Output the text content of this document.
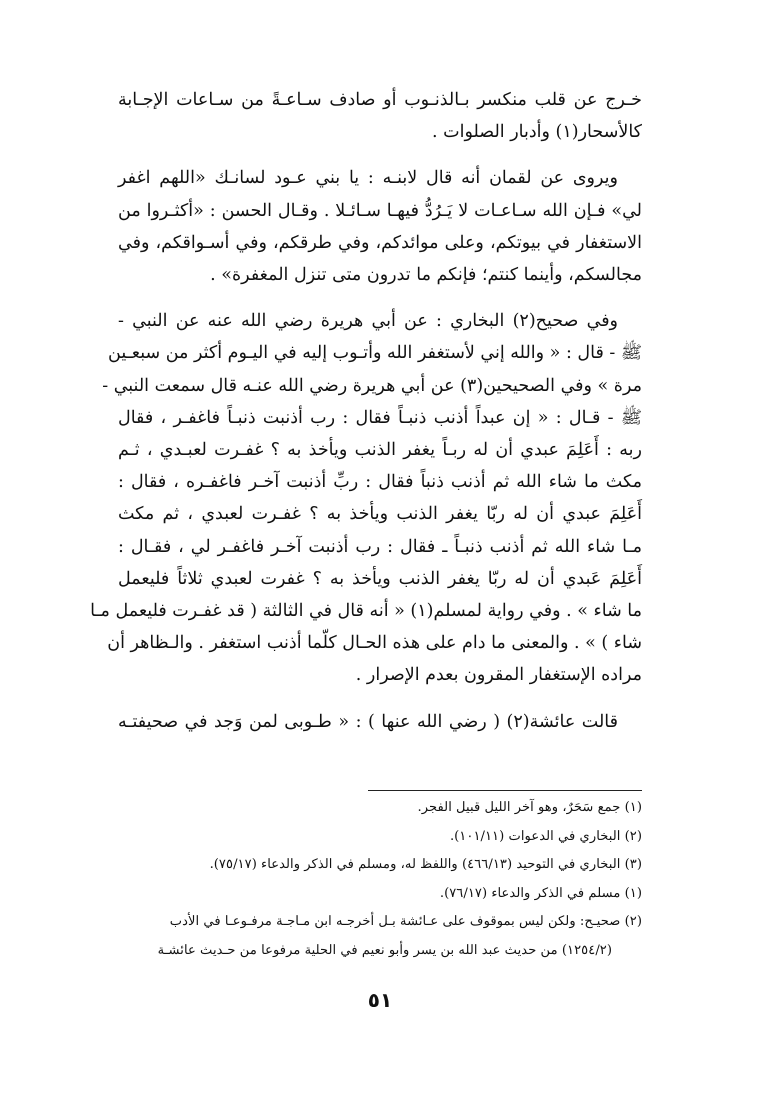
خـرج عن قلب منكسر بـالذنـوب أو صادف سـاعـةً من سـاعات الإجـابة
كالأسحار(١) وأدبار الصلوات .

ويروى عن لقمان أنه قال لابنـه : يا بني عـود لسانـك «اللهم اغفر
لي» فـإن الله سـاعـات لا يَـرُدُّ فيهـا سـائـلا . وقـال الحسن : «أكثـروا من
الاستغفار في بيوتكم، وعلى موائدكم، وفي طرقكم، وفي أسـواقكم، وفي
مجالسكم، وأينما كنتم؛ فإنكم ما تدرون متى تنزل المغفرة» .

وفي صحيح(٢) البخاري : عن أبي هريرة رضي الله عنه عن النبي -
ﷺ - قال : « والله إني لأستغفر الله وأتـوب إليه في اليـوم أكثر من سبعـين
مرة » وفي الصحيحين(٣) عن أبي هريرة رضي الله عنـه قال سمعت النبي -
ﷺ - قـال : « إن عبداً أذنب ذنبـاً فقال : رب أذنبت ذنبـاً فاغفـر ، فقال
ربه : أَعَلِمَ عبدي أن له ربـاً يغفر الذنب ويأخذ به ؟ غفـرت لعبـدي ، ثـم
مكث ما شاء الله ثم أذنب ذنباً فقال : ربِّ أذنبت آخـر فاغفـره ، فقال :
أَعَلِمَ عبدي أن له ربّا يغفر الذنب ويأخذ به ؟ غفـرت لعبدي ، ثم مكث
مـا شاء الله ثم أذنب ذنبـاً ـ فقال : رب أذنبت آخـر فاغفـر لي ، فقـال :
أَعَلِمَ عَبدي أن له ربّا يغفر الذنب ويأخذ به ؟ غفرت لعبدي ثلاثاً فليعمل
ما شاء » . وفي رواية لمسلم(١) « أنه قال في الثالثة ( قد غفـرت فليعمل مـا
شاء ) » . والمعنى ما دام على هذه الحـال كلّما أذنب استغفر . والـظاهر أن
مراده الإستغفار المقرون بعدم الإصرار .

قالت عائشة(٢) ( رضي الله عنها ) : « طـوبى لمن وَجد في صحيفتـه

(١) جمع سَحَرٌ، وهو آخر الليل قبيل الفجر.
(٢) البخاري في الدعوات (١٠١/١١).
(٣) البخاري في التوحيد (٤٦٦/١٣) واللفظ له، ومسلم في الذكر والدعاء (٧٥/١٧).
(١) مسلم في الذكر والدعاء (٧٦/١٧).
(٢) صحيـح: ولكن ليس بموقوف على عـائشة بـل أخرجـه ابن مـاجـة مرفـوعـا في الأدب
(١٢٥٤/٢) من حديث عبد الله بن يسر وأبو نعيم في الحلية مرفوعا من حـديث عائشـة
٥١
